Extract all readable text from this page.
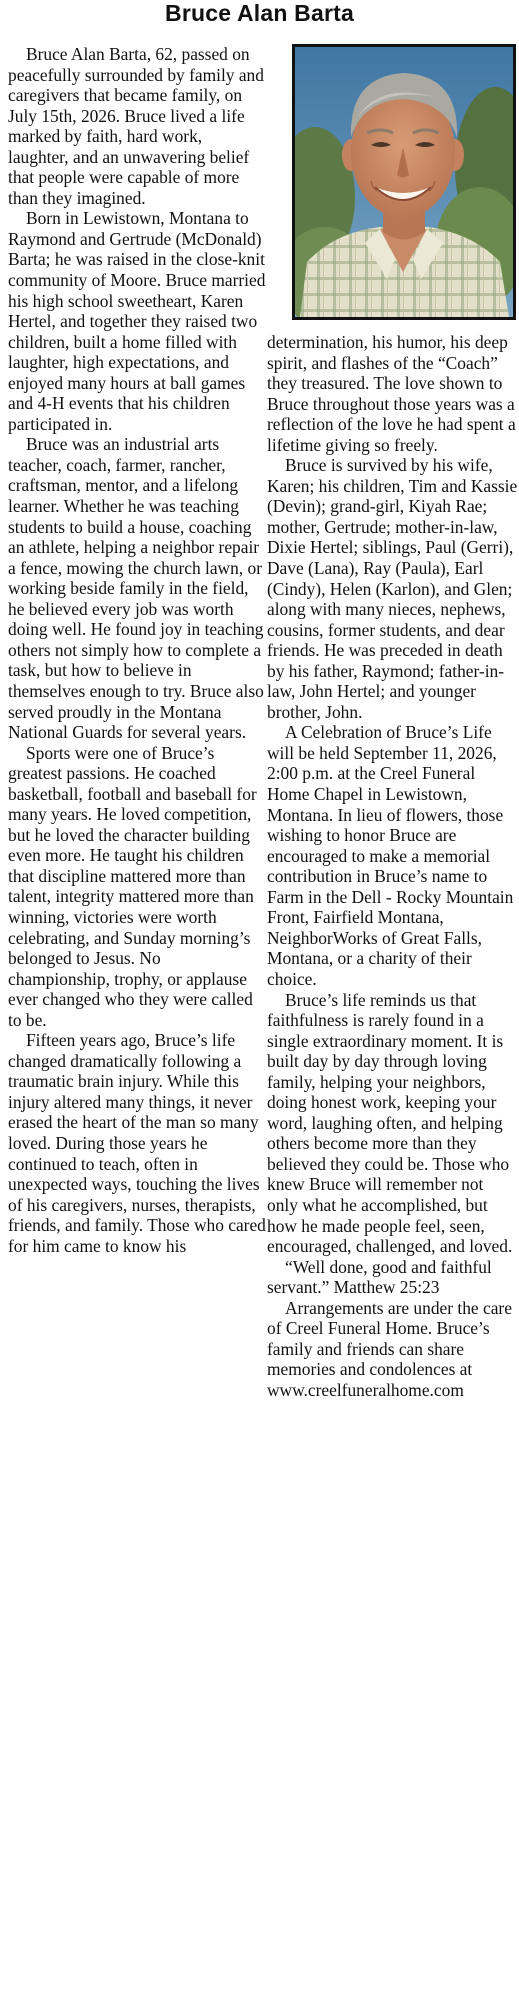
Bruce Alan Barta

Bruce Alan Barta, 62, passed on peacefully surrounded by family and caregivers that became family, on July 15th, 2026. Bruce lived a life marked by faith, hard work, laughter, and an unwavering belief that people were capable of more than they imagined.

Born in Lewistown, Montana to Raymond and Gertrude (McDonald) Barta; he was raised in the close-knit community of Moore. Bruce married his high school sweetheart, Karen Hertel, and together they raised two children, built a home filled with laughter, high expectations, and enjoyed many hours at ball games and 4-H events that his children participated in.

Bruce was an industrial arts teacher, coach, farmer, rancher, craftsman, mentor, and a lifelong learner. Whether he was teaching students to build a house, coaching an athlete, helping a neighbor repair a fence, mowing the church lawn, or working beside family in the field, he believed every job was worth doing well. He found joy in teaching others not simply how to complete a task, but how to believe in themselves enough to try. Bruce also served proudly in the Montana National Guards for several years.

Sports were one of Bruce’s greatest passions. He coached basketball, football and baseball for many years. He loved competition, but he loved the character building even more. He taught his children that discipline mattered more than talent, integrity mattered more than winning, victories were worth celebrating, and Sunday morning’s belonged to Jesus. No championship, trophy, or applause ever changed who they were called to be.

Fifteen years ago, Bruce’s life changed dramatically following a traumatic brain injury. While this injury altered many things, it never erased the heart of the man so many loved. During those years he continued to teach, often in unexpected ways, touching the lives of his caregivers, nurses, therapists, friends, and family. Those who cared for him came to know his

determination, his humor, his deep spirit, and flashes of the “Coach” they treasured. The love shown to Bruce throughout those years was a reflection of the love he had spent a lifetime giving so freely.

Bruce is survived by his wife, Karen; his children, Tim and Kassie (Devin); grand-girl, Kiyah Rae; mother, Gertrude; mother-in-law, Dixie Hertel; siblings, Paul (Gerri), Dave (Lana), Ray (Paula), Earl (Cindy), Helen (Karlon), and Glen; along with many nieces, nephews, cousins, former students, and dear friends. He was preceded in death by his father, Raymond; father-in-law, John Hertel; and younger brother, John.

A Celebration of Bruce’s Life will be held September 11, 2026, 2:00 p.m. at the Creel Funeral Home Chapel in Lewistown, Montana. In lieu of flowers, those wishing to honor Bruce are encouraged to make a memorial contribution in Bruce’s name to Farm in the Dell - Rocky Mountain Front, Fairfield Montana, NeighborWorks of Great Falls, Montana, or a charity of their choice.

Bruce’s life reminds us that faithfulness is rarely found in a single extraordinary moment. It is built day by day through loving family, helping your neighbors, doing honest work, keeping your word, laughing often, and helping others become more than they believed they could be. Those who knew Bruce will remember not only what he accomplished, but how he made people feel, seen, encouraged, challenged, and loved.

“Well done, good and faithful servant.” Matthew 25:23

Arrangements are under the care of Creel Funeral Home. Bruce’s family and friends can share memories and condolences at www.creelfuneralhome.com
